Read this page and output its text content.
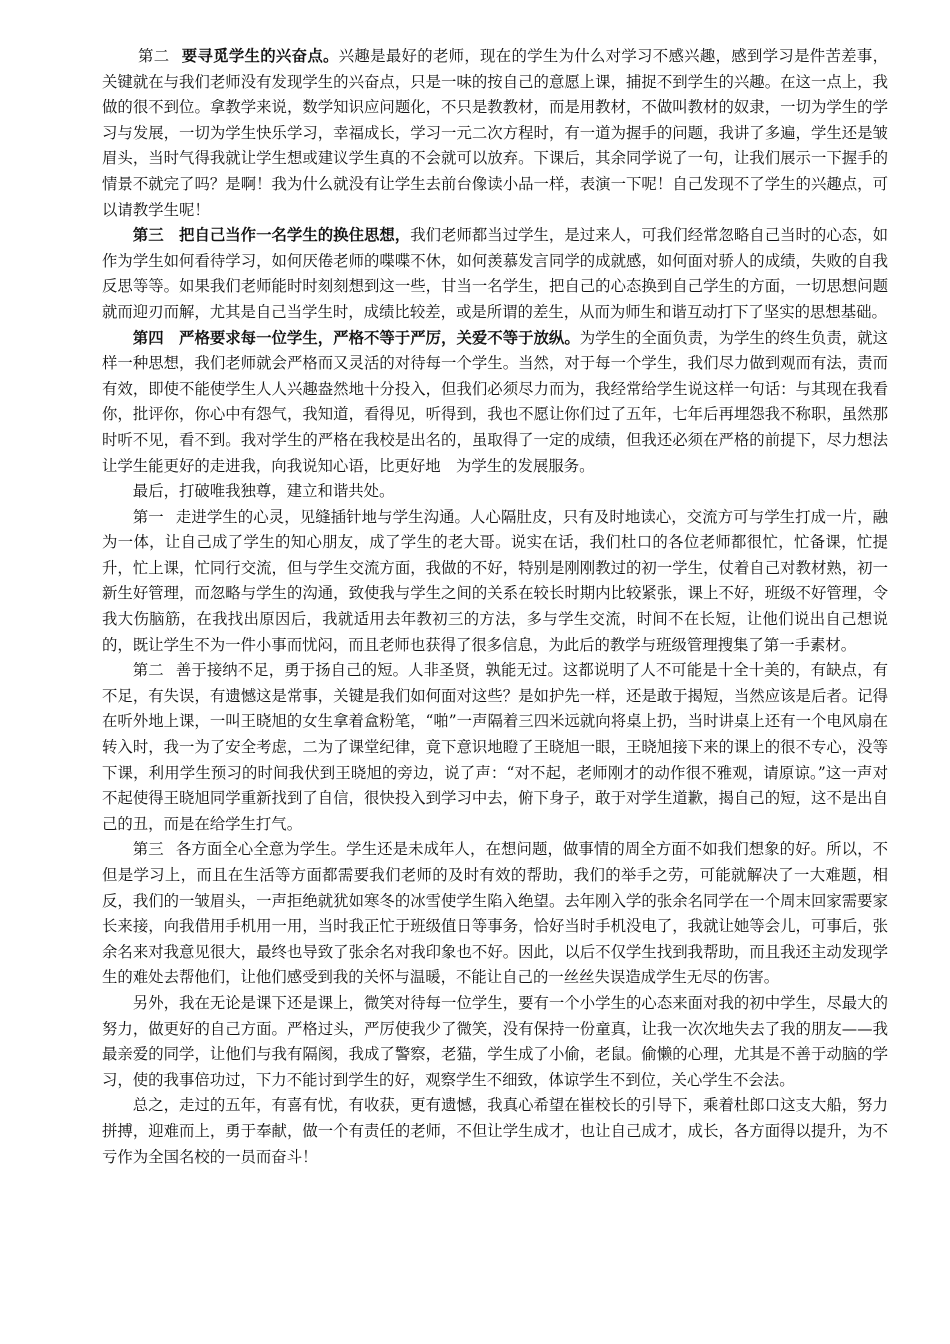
第二 要寻觅学生的兴奋点。兴趣是最好的老师，现在的学生为什么对学习不感兴趣，感到学习是件苦差事，关键就在与我们老师没有发现学生的兴奋点，只是一味的按自己的意愿上课，捕捉不到学生的兴趣。在这一点上，我做的很不到位。拿教学来说，数学知识应问题化，不只是教教材，而是用教材，不做叫教材的奴隶，一切为学生的学习与发展，一切为学生快乐学习，幸福成长，学习一元二次方程时，有一道为握手的问题，我讲了多遍，学生还是皱眉头，当时气得我就让学生想或建议学生真的不会就可以放弃。下课后，其余同学说了一句，让我们展示一下握手的情景不就完了吗？是啊！我为什么就没有让学生去前台像读小品一样，表演一下呢！自己发现不了学生的兴趣点，可以请教学生呢！

第三　把自己当作一名学生的换住思想，我们老师都当过学生，是过来人，可我们经常忽略自己当时的心态，如作为学生如何看待学习，如何厌倦老师的喋喋不休，如何羡慕发言同学的成就感，如何面对骄人的成绩，失败的自我反思等等。如果我们老师能时时刻刻想到这一些，甘当一名学生，把自己的心态换到自己学生的方面，一切思想问题就而迎刃而解，尤其是自己当学生时，成绩比较差，或是所谓的差生，从而为师生和谐互动打下了坚实的思想基础。

第四　严格要求每一位学生，严格不等于严厉，关爱不等于放纵。为学生的全面负责，为学生的终生负责，就这样一种思想，我们老师就会严格而又灵活的对待每一个学生。当然，对于每一个学生，我们尽力做到观而有法，责而有效，即使不能使学生人人兴趣盎然地十分投入，但我们必须尽力而为，我经常给学生说这样一句话：与其现在我看你，批评你，你心中有怨气，我知道，看得见，听得到，我也不愿让你们过了五年，七年后再埋怨我不称职，虽然那时听不见，看不到。我对学生的严格在我校是出名的，虽取得了一定的成绩，但我还必须在严格的前提下，尽力想法让学生能更好的走进我，向我说知心语，比更好地　为学生的发展服务。

最后，打破唯我独尊，建立和谐共处。

第一 走进学生的心灵，见缝插针地与学生沟通。人心隔肚皮，只有及时地读心，交流方可与学生打成一片，融为一体，让自己成了学生的知心朋友，成了学生的老大哥。说实在话，我们杜口的各位老师都很忙，忙备课，忙提升，忙上课，忙同行交流，但与学生交流方面，我做的不好，特别是刚刚教过的初一学生，仗着自己对教材熟，初一新生好管理，而忽略与学生的沟通，致使我与学生之间的关系在较长时期内比较紧张，课上不好，班级不好管理，令我大伤脑筋，在我找出原因后，我就适用去年教初三的方法，多与学生交流，时间不在长短，让他们说出自己想说的，既让学生不为一件小事而忧闷，而且老师也获得了很多信息，为此后的教学与班级管理搜集了第一手素材。

第二 善于接纳不足，勇于扬自己的短。人非圣贤，孰能无过。这都说明了人不可能是十全十美的，有缺点，有不足，有失误，有遗憾这是常事，关键是我们如何面对这些？是如护先一样，还是敢于揭短，当然应该是后者。记得在听外地上课，一叫王晓旭的女生拿着盒粉笔，“啪”一声隔着三四米远就向将桌上扔，当时讲桌上还有一个电风扇在转入时，我一为了安全考虑，二为了课堂纪律，竟下意识地瞪了王晓旭一眼，王晓旭接下来的课上的很不专心，没等下课，利用学生预习的时间我伏到王晓旭的旁边，说了声：“对不起，老师刚才的动作很不雅观，请原谅。”这一声对不起使得王晓旭同学重新找到了自信，很快投入到学习中去，俯下身子，敢于对学生道歉，揭自己的短，这不是出自己的丑，而是在给学生打气。

第三 各方面全心全意为学生。学生还是未成年人，在想问题，做事情的周全方面不如我们想象的好。所以，不但是学习上，而且在生活等方面都需要我们老师的及时有效的帮助，我们的举手之劳，可能就解决了一大难题，相反，我们的一皱眉头，一声拒绝就犹如寒冬的冰雪使学生陷入绝望。去年刚入学的张余名同学在一个周末回家需要家长来接，向我借用手机用一用，当时我正忙于班级值日等事务，恰好当时手机没电了，我就让她等会儿，可事后，张余名来对我意见很大，最终也导致了张余名对我印象也不好。因此，以后不仅学生找到我帮助，而且我还主动发现学生的难处去帮他们，让他们感受到我的关怀与温暖，不能让自己的一丝丝失误造成学生无尽的伤害。

另外，我在无论是课下还是课上，微笑对待每一位学生，要有一个小学生的心态来面对我的初中学生，尽最大的努力，做更好的自己方面。严格过头，严厉使我少了微笑，没有保持一份童真，让我一次次地失去了我的朋友——我最亲爱的同学，让他们与我有隔阂，我成了警察，老猫，学生成了小偷，老鼠。偷懒的心理，尤其是不善于动脑的学习，使的我事倍功过，下力不能讨到学生的好，观察学生不细致，体谅学生不到位，关心学生不会法。

总之，走过的五年，有喜有忧，有收获，更有遗憾，我真心希望在崔校长的引导下，乘着杜郎口这支大船，努力拼搏，迎难而上，勇于奉献，做一个有责任的老师，不但让学生成才，也让自己成才，成长，各方面得以提升，为不亏作为全国名校的一员而奋斗！
